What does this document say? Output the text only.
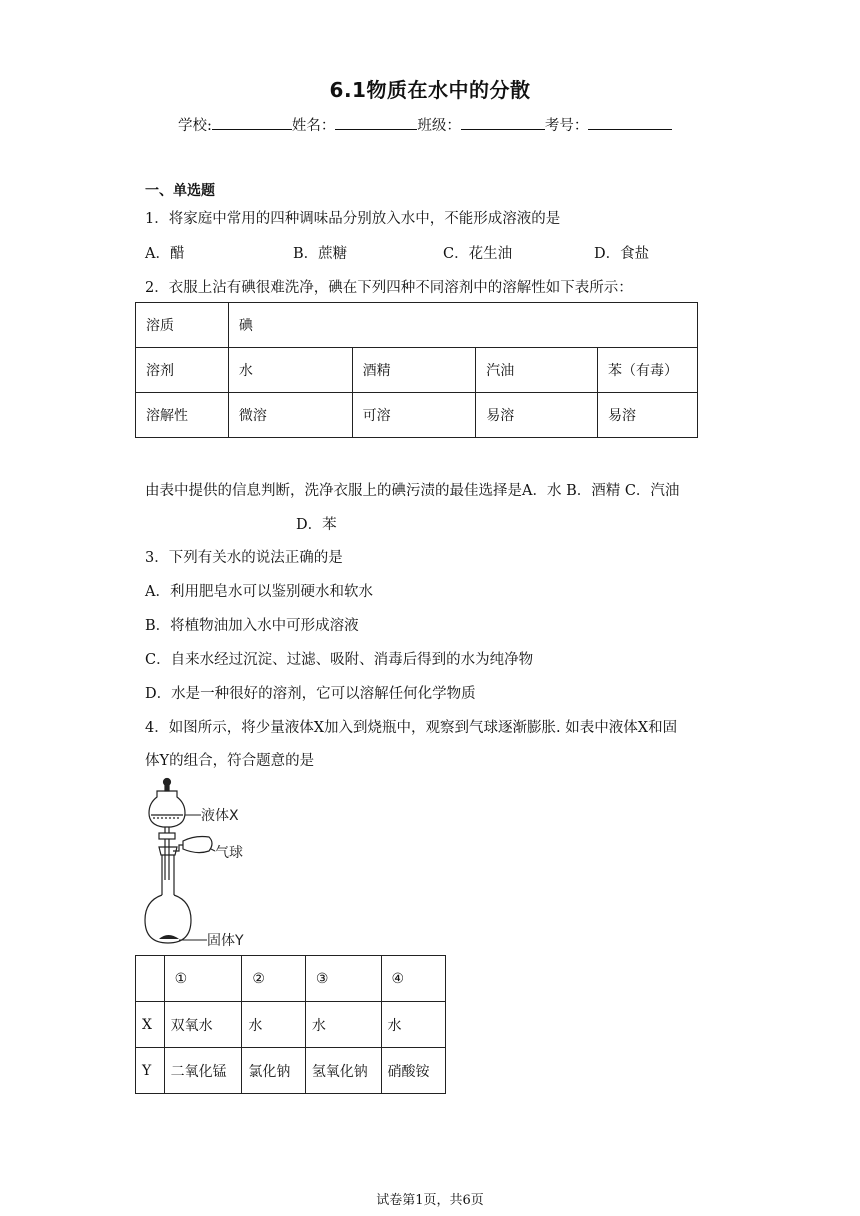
6.1物质在水中的分散
学校:	姓名：	班级：	考号：
一、单选题
1．将家庭中常用的四种调味品分别放入水中，不能形成溶液的是
A．醋	B．蔗糖	C．花生油	D．食盐
2．衣服上沾有碘很难洗净，碘在下列四种不同溶剂中的溶解性如下表所示：
溶质	碘			
溶剂	水	酒精	汽油	苯（有毒）
溶解性	微溶	可溶	易溶	易溶
由表中提供的信息判断，洗净衣服上的碘污渍的最佳选择是A．水 B．酒精 C．汽油
D．苯
3．下列有关水的说法正确的是
A．利用肥皂水可以鉴别硬水和软水
B．将植物油加入水中可形成溶液
C．自来水经过沉淀、过滤、吸附、消毒后得到的水为纯净物
D．水是一种很好的溶剂，它可以溶解任何化学物质
4．如图所示，将少量液体X加入到烧瓶中，观察到气球逐渐膨胀. 如表中液体X和固
体Y的组合，符合题意的是
液体X
气球
固体Y
	①	②	③	④
X	双氧水	水	水	水
Y	二氧化锰	氯化钠	氢氧化钠	硝酸铵
试卷第1页，共6页
